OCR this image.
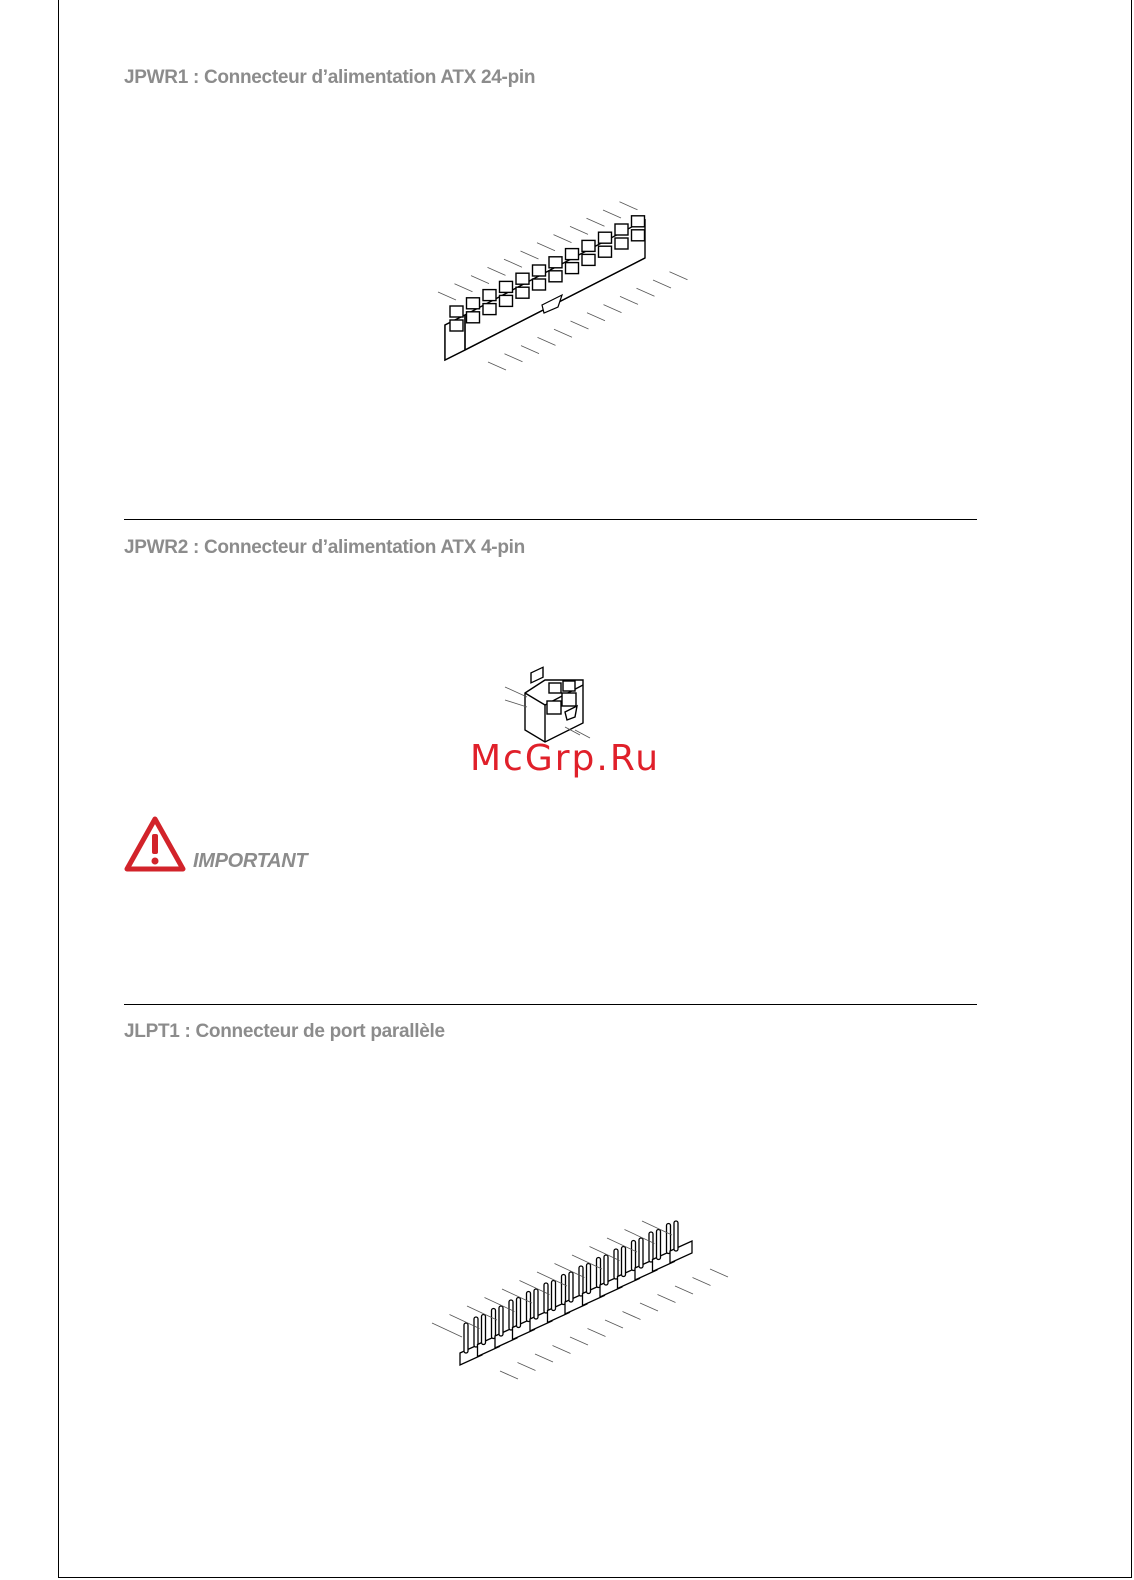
JPWR1 : Connecteur d’alimentation ATX 24-pin
JPWR2 : Connecteur d’alimentation ATX 4-pin
McGrp.Ru
IMPORTANT
JLPT1 : Connecteur de port parallèle
